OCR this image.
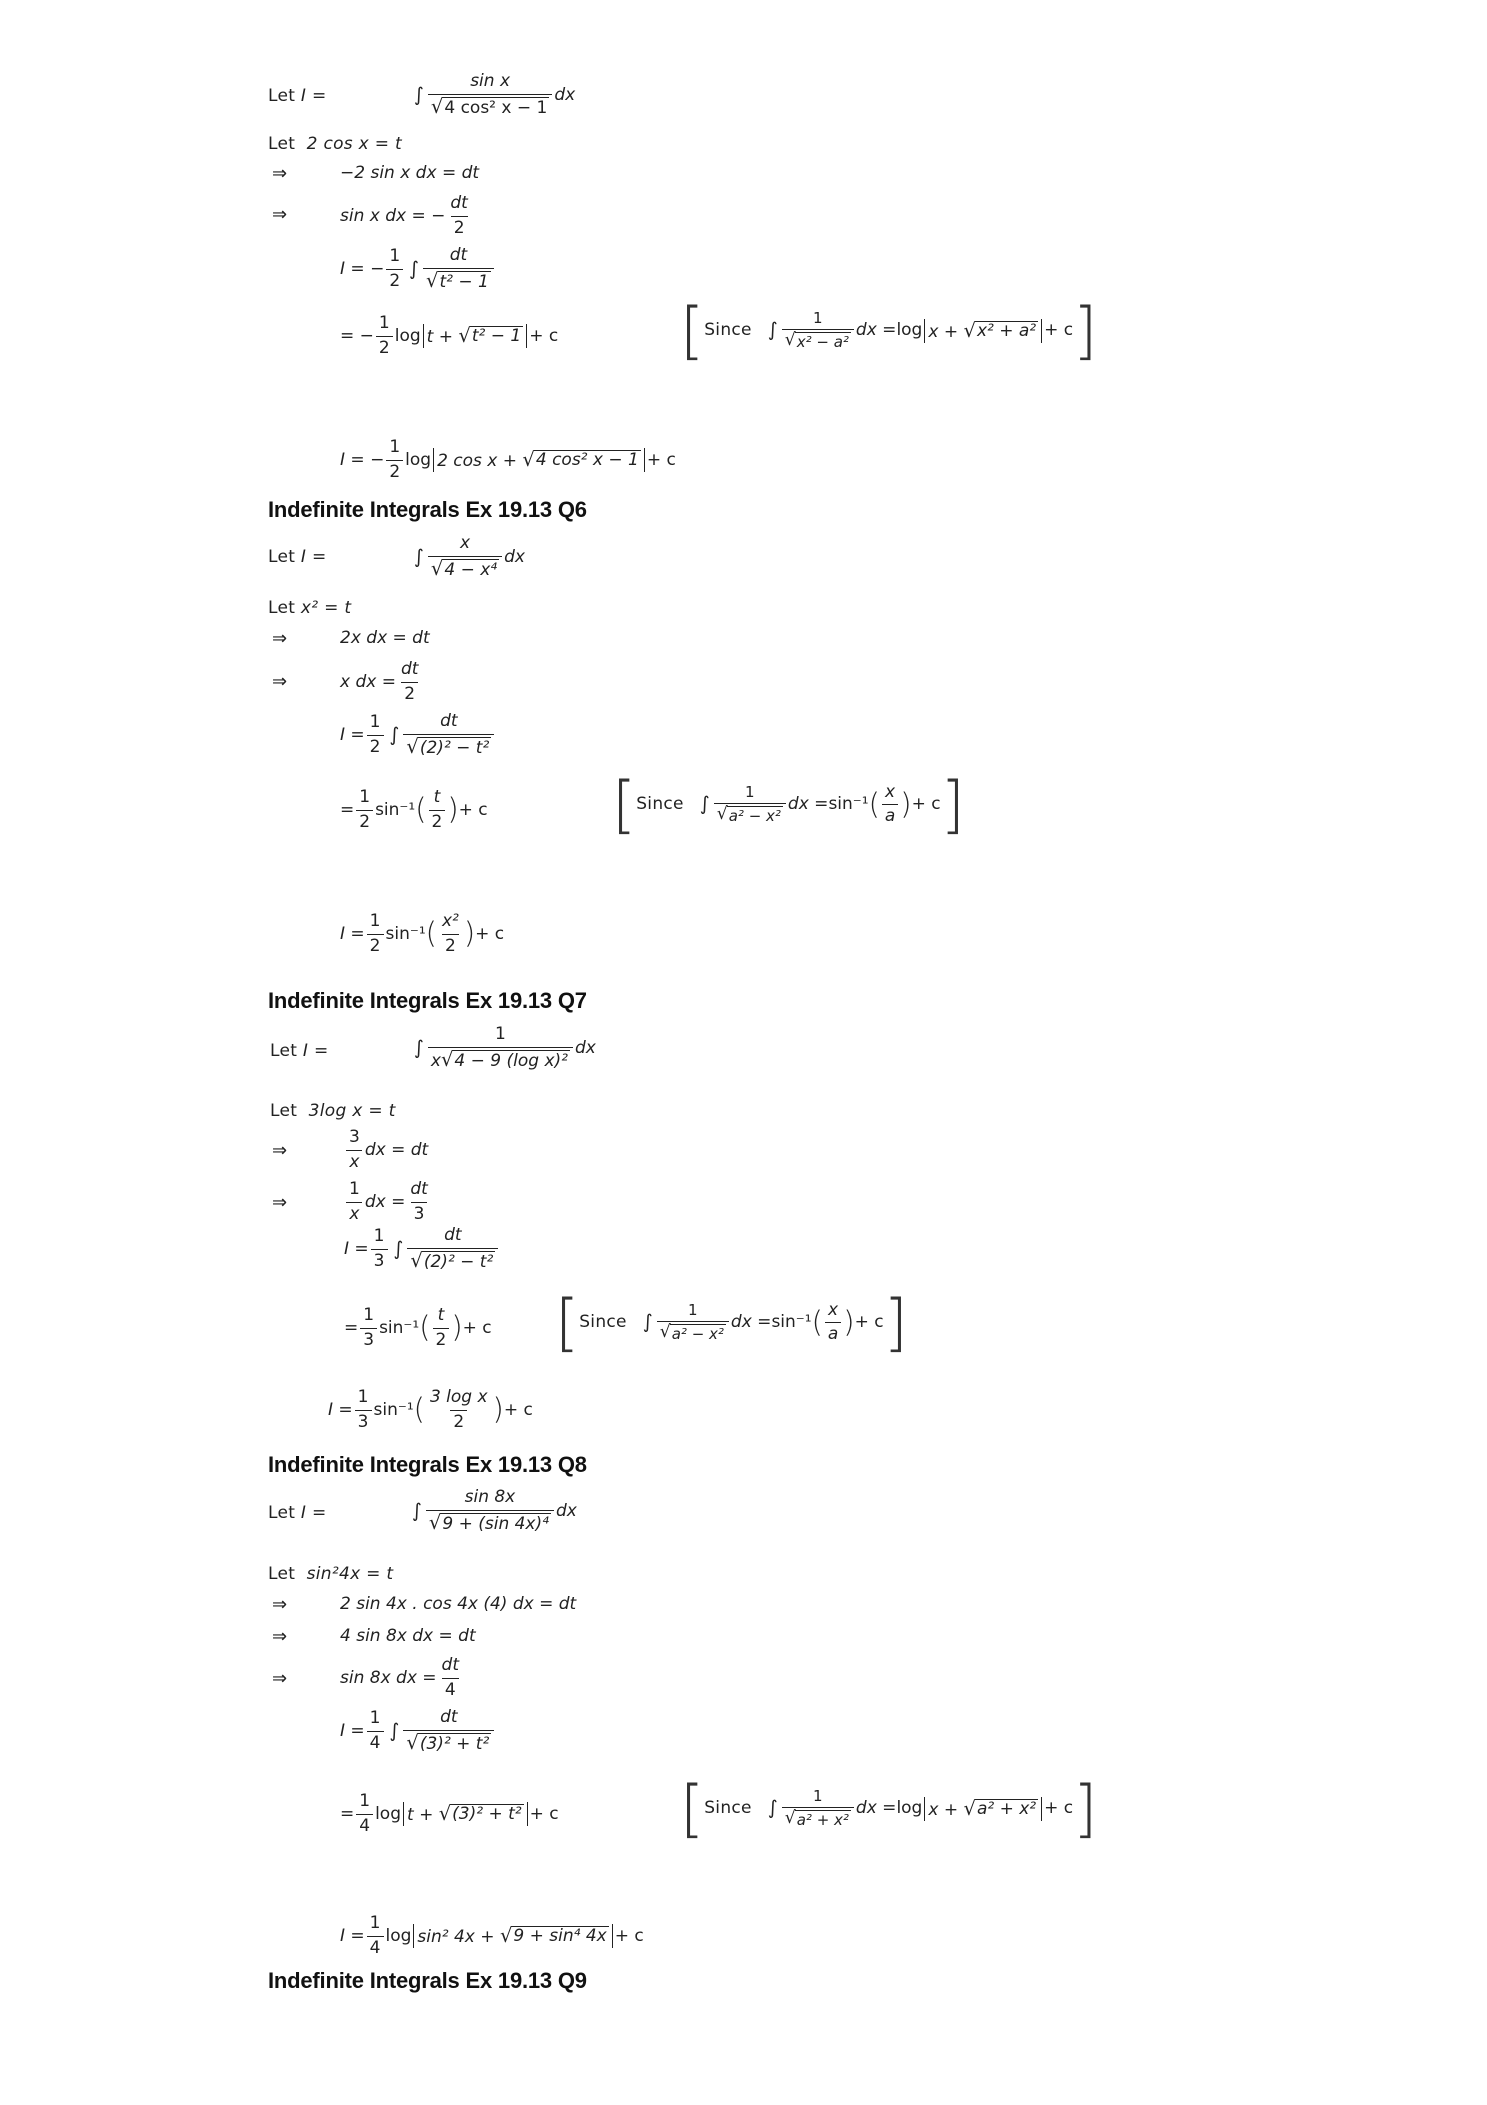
Let I =	∫
sin x
√ 4 cos² x − 1
dx
Let 2 cos x = t
⇒	−2 sin x dx = dt
⇒	sin x dx = − $\frac{dt}{2}$
I = −
1
2
∫
dt
√ t² − 1
= −
1
2
log t + √ t² − 1 + c [ Since ∫
1
√ x² − a²
dx = log x + √ x² + a² + c ]
I = −
1
2
log 2 cos x + √ 4 cos² x − 1 + c
Indefinite Integrals Ex 19.13 Q6
Let I =	∫
x
√ 4 − x⁴
dx
Let x² = t
⇒	2x dx = dt
⇒	x dx = $\frac{dt}{2}$
I =
1
2
∫
dt
√ (2)² − t²
=
1
2
sin⁻¹ ( t
2 ) + c [ Since ∫
1
√ a² − x²
dx = sin⁻¹ ( x
a ) + c ]
I =
1
2
sin⁻¹ ( x²
2 ) + c
Indefinite Integrals Ex 19.13 Q7
Let I =	∫
1
x √ 4 − 9 (log x)²
dx
Let 3log x = t
⇒
3
x
dx = dt
⇒
1
x
dx = $\frac{dt}{3}$
I =
1
3
∫
dt
√ (2)² − t²
=
1
3
sin⁻¹ ( t
2 ) + c [ Since ∫
1
√ a² − x²
dx = sin⁻¹ ( x
a ) + c ]
I =
1
3
sin⁻¹ ( 3 log x
2 ) + c
Indefinite Integrals Ex 19.13 Q8
Let I =	∫
sin 8x
√ 9 + (sin 4x)⁴
dx
Let sin²4x = t
⇒	2 sin 4x . cos 4x (4) dx = dt
⇒	4 sin 8x dx = dt
⇒	sin 8x dx = $\frac{dt}{4}$
I =
1
4
∫
dt
√ (3)² + t²
=
1
4
log t + √ (3)² + t² + c [ Since ∫
1
√ a² + x²
dx = log x + √ a² + x² + c ]
I =
1
4
log sin² 4x + √ 9 + sin⁴ 4x + c
Indefinite Integrals Ex 19.13 Q9
